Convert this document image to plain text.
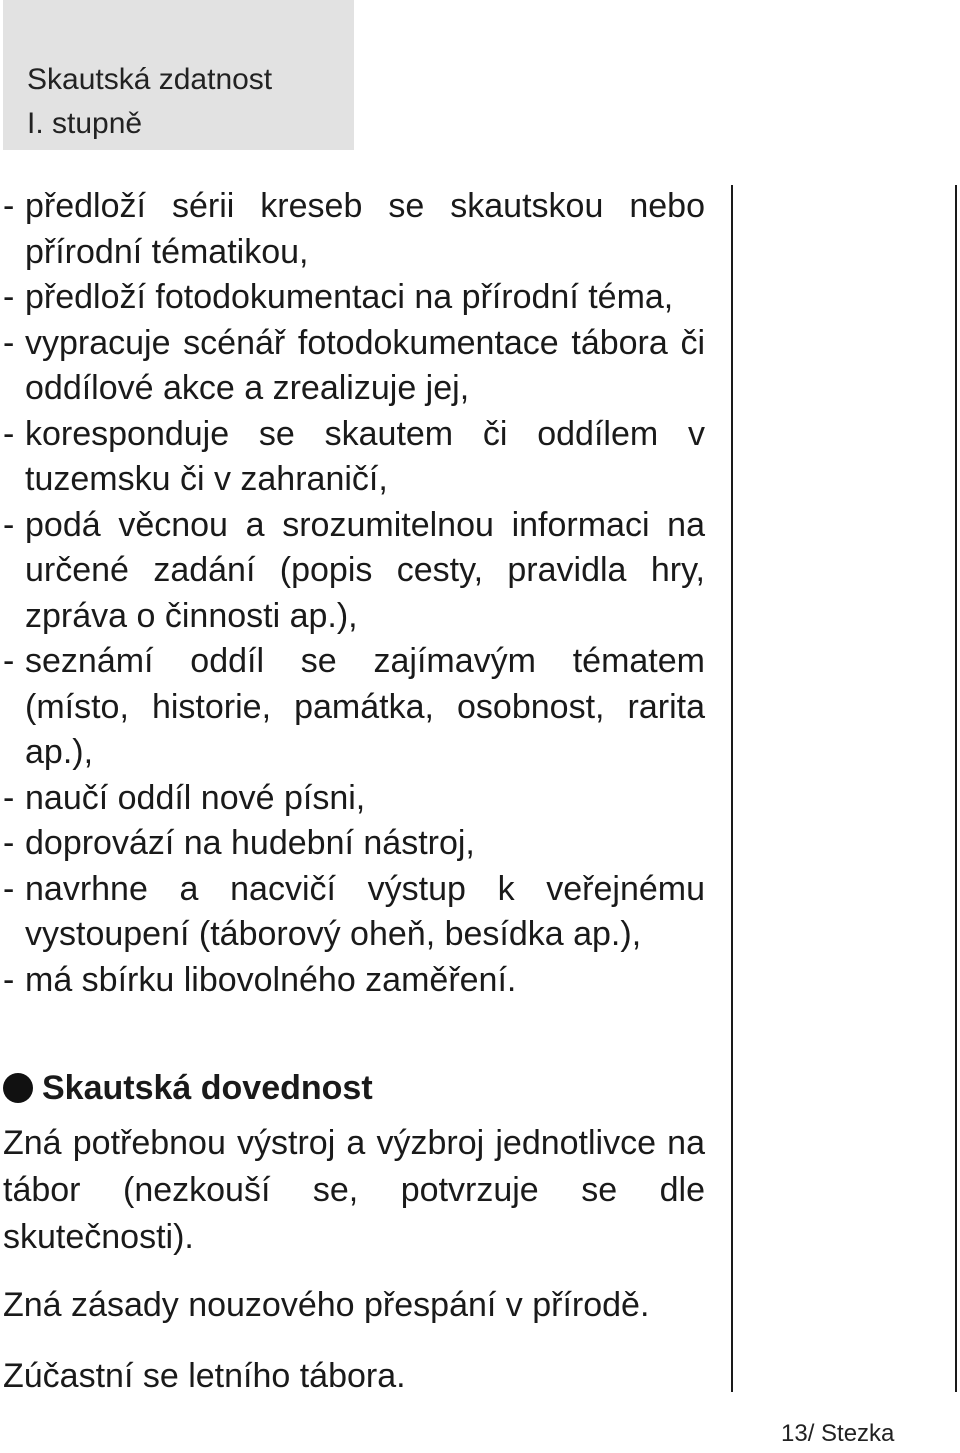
Skautská zdatnost
I. stupně
- předloží sérii kreseb se skautskou nebo přírodní tématikou,
- předloží fotodokumentaci na přírodní téma,
- vypracuje scénář fotodokumentace tábora či oddílové akce a zrealizuje jej,
- koresponduje se skautem či oddílem v tuzemsku či v zahraničí,
- podá věcnou a srozumitelnou informaci na určené zadání (popis cesty, pravidla hry, zpráva o činnosti ap.),
- seznámí oddíl se zajímavým tématem (místo, historie, památka, osobnost, rarita ap.),
- naučí oddíl nové písni,
- doprovází na hudební nástroj,
- navrhne a nacvičí výstup k veřejnému vystoupení (táborový oheň, besídka ap.),
- má sbírku libovolného zaměření.
Skautská dovednost

Zná potřebnou výstroj a výzbroj jednotlivce na tábor (nezkouší se, potvrzuje se dle skutečnosti).

Zná zásady nouzového přespání v přírodě.

Zúčastní se letního tábora.

13/ Stezka
